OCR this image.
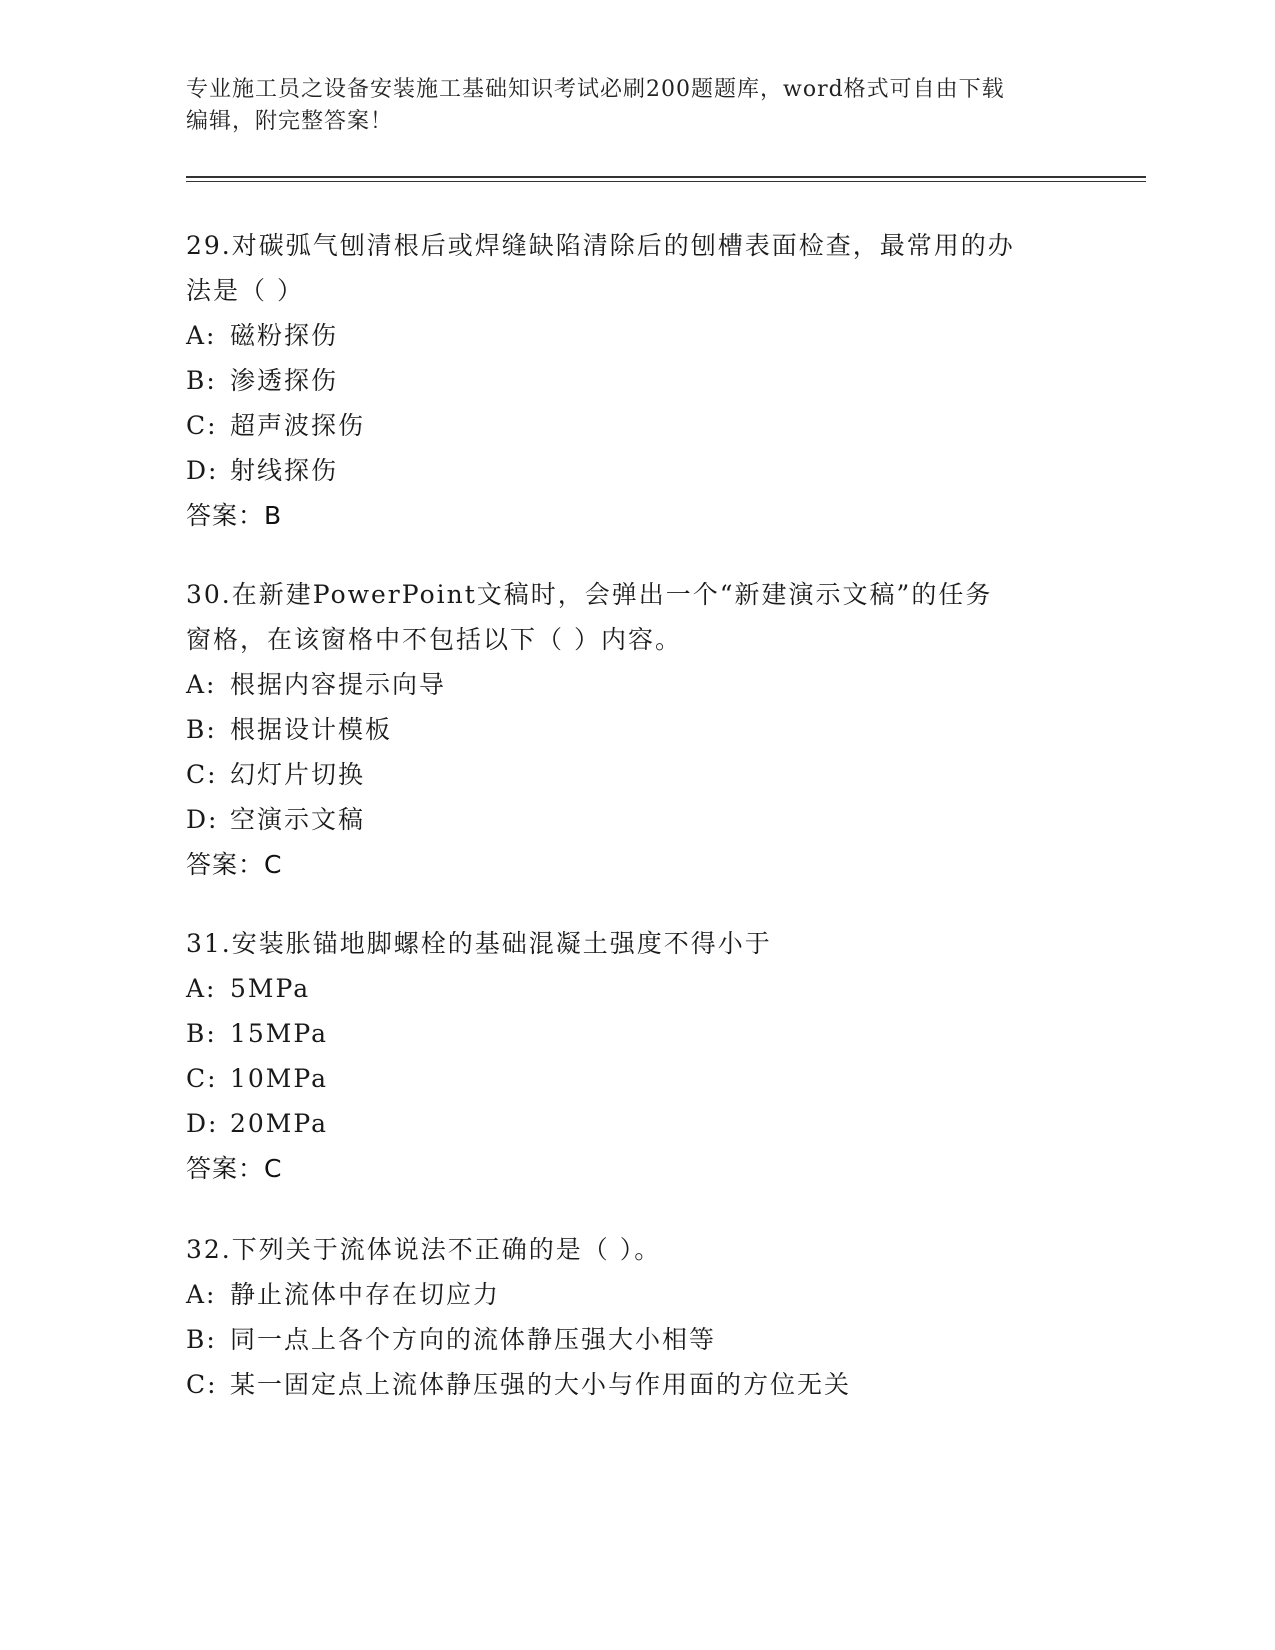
专业施工员之设备安装施工基础知识考试必刷200题题库，word格式可自由下载
编辑，附完整答案！
29.对碳弧气刨清根后或焊缝缺陷清除后的刨槽表面检查，最常用的办
法是（ ）
A: 磁粉探伤
B: 渗透探伤
C: 超声波探伤
D: 射线探伤
答案：B
30.在新建PowerPoint文稿时，会弹出一个“新建演示文稿”的任务
窗格，在该窗格中不包括以下（ ）内容。
A: 根据内容提示向导
B: 根据设计模板
C: 幻灯片切换
D: 空演示文稿
答案：C
31.安装胀锚地脚螺栓的基础混凝土强度不得小于
A: 5MPa
B: 15MPa
C: 10MPa
D: 20MPa
答案：C
32.下列关于流体说法不正确的是（ ）。
A: 静止流体中存在切应力
B: 同一点上各个方向的流体静压强大小相等
C: 某一固定点上流体静压强的大小与作用面的方位无关
